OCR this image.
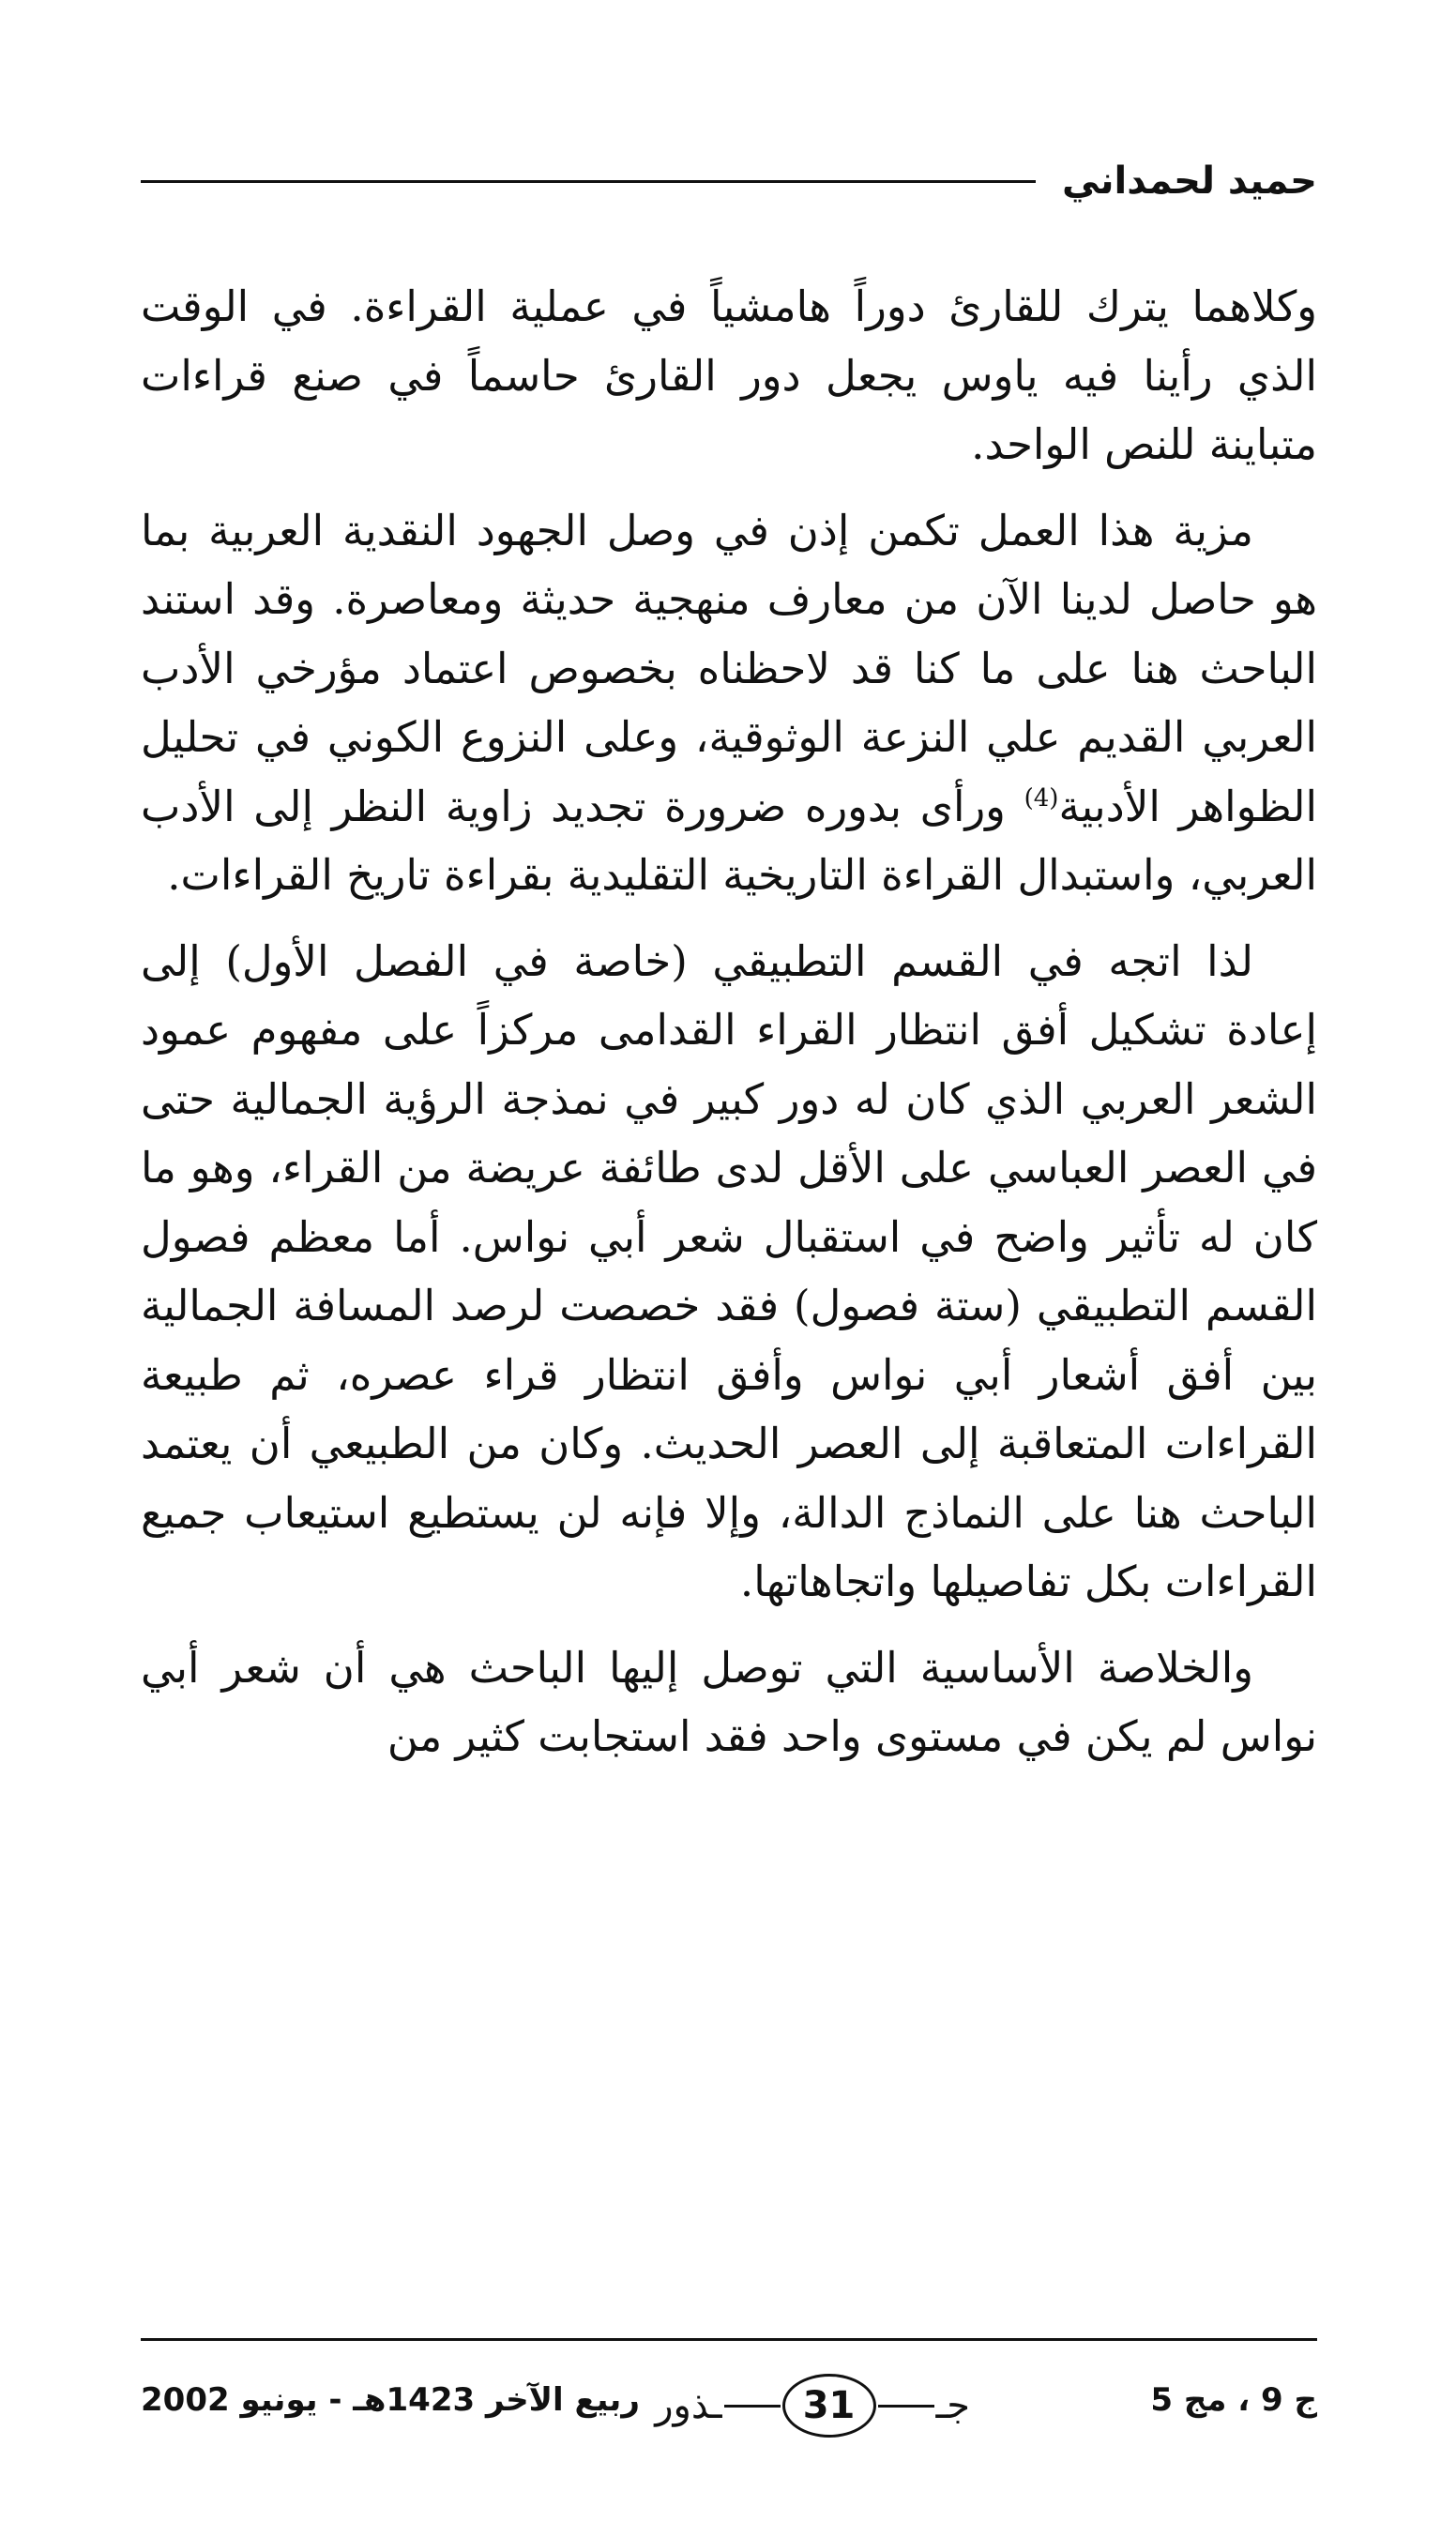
حميد لحمداني

وكلاهما يترك للقارئ دوراً هامشياً في عملية القراءة. في الوقت الذي رأينا فيه ياوس يجعل دور القارئ حاسماً في صنع قراءات متباينة للنص الواحد.

مزية هذا العمل تكمن إذن في وصل الجهود النقدية العربية بما هو حاصل لدينا الآن من معارف منهجية حديثة ومعاصرة. وقد استند الباحث هنا على ما كنا قد لاحظناه بخصوص اعتماد مؤرخي الأدب العربي القديم علي النزعة الوثوقية، وعلى النزوع الكوني في تحليل الظواهر الأدبية$^{(4)}$ ورأى بدوره ضرورة تجديد زاوية النظر إلى الأدب العربي، واستبدال القراءة التاريخية التقليدية بقراءة تاريخ القراءات.

لذا اتجه في القسم التطبيقي (خاصة في الفصل الأول) إلى إعادة تشكيل أفق انتظار القراء القدامى مركزاً على مفهوم عمود الشعر العربي الذي كان له دور كبير في نمذجة الرؤية الجمالية حتى في العصر العباسي على الأقل لدى طائفة عريضة من القراء، وهو ما كان له تأثير واضح في استقبال شعر أبي نواس. أما معظم فصول القسم التطبيقي (ستة فصول) فقد خصصت لرصد المسافة الجمالية بين أفق أشعار أبي نواس وأفق انتظار قراء عصره، ثم طبيعة القراءات المتعاقبة إلى العصر الحديث. وكان من الطبيعي أن يعتمد الباحث هنا على النماذج الدالة، وإلا فإنه لن يستطيع استيعاب جميع القراءات بكل تفاصيلها واتجاهاتها.

والخلاصة الأساسية التي توصل إليها الباحث هي أن شعر أبي نواس لم يكن في مستوى واحد فقد استجابت كثير من

ج 9 ، مج 5
جـ
31
ـذور
ربيع الآخر 1423هـ - يونيو 2002
